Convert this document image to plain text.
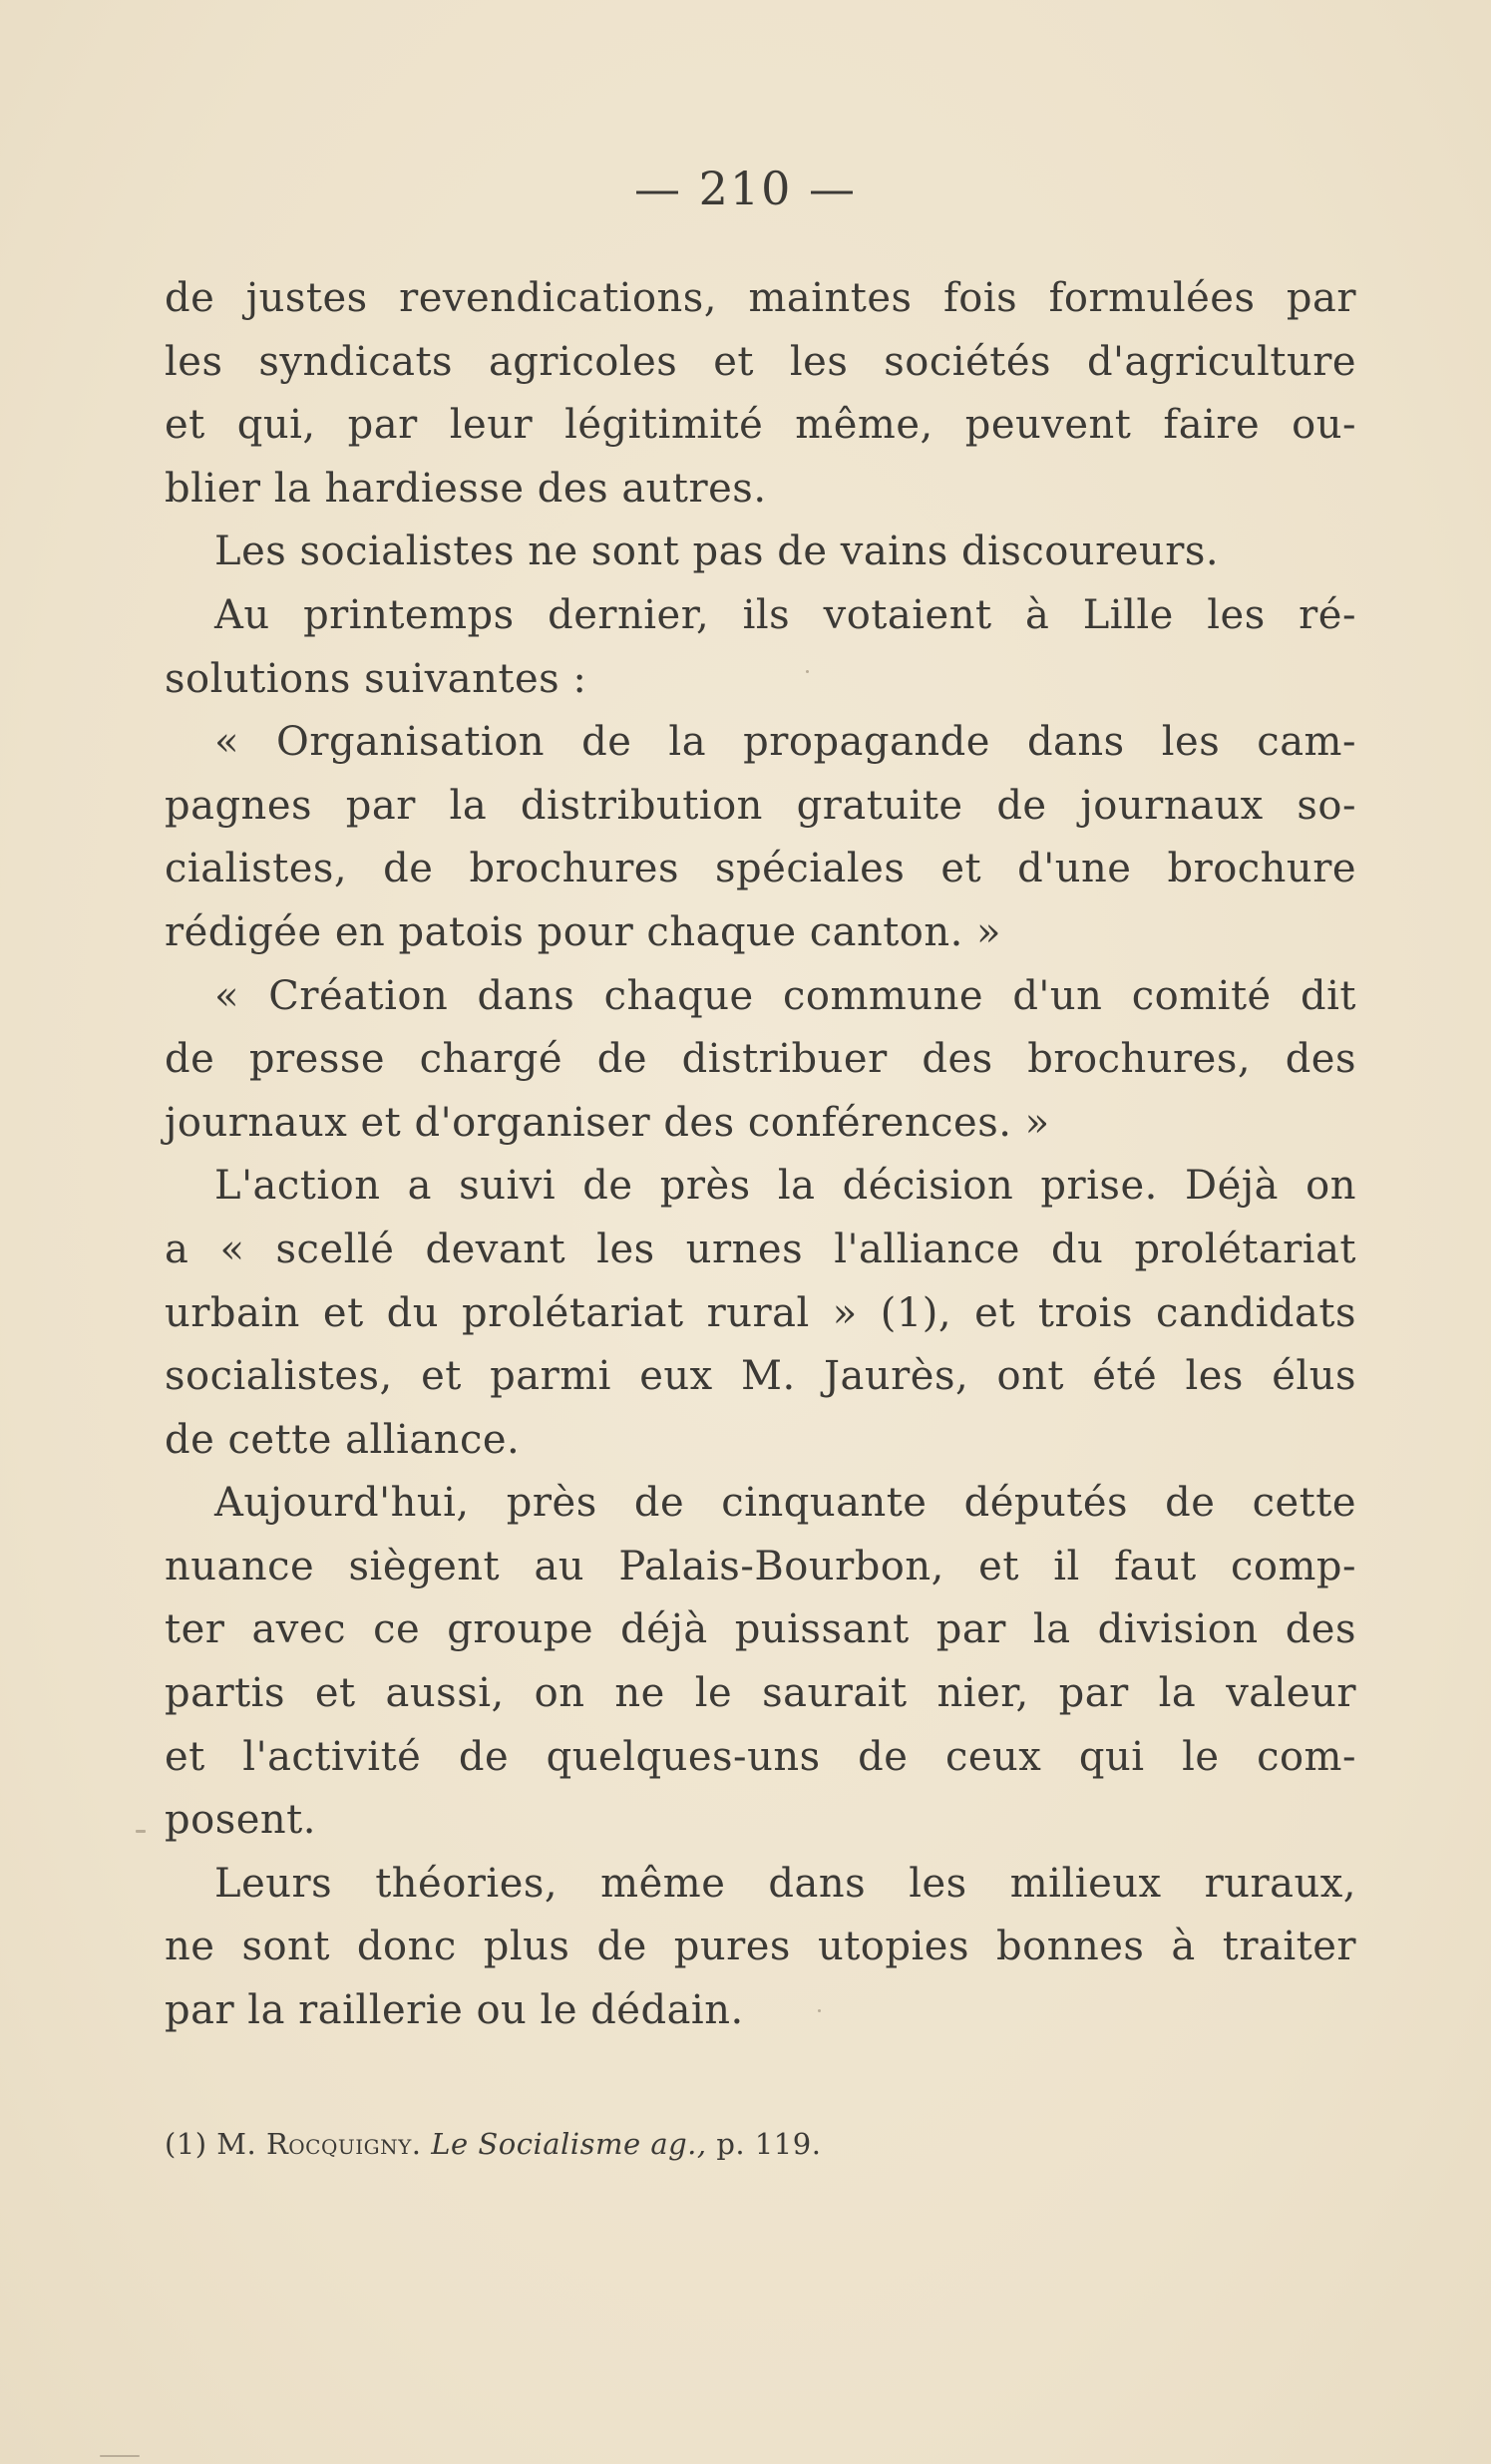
— 210 —
de justes revendications, maintes fois formulées par
les syndicats agricoles et les sociétés d'agriculture
et qui, par leur légitimité même, peuvent faire ou-
blier la hardiesse des autres.
Les socialistes ne sont pas de vains discoureurs.
Au printemps dernier, ils votaient à Lille les ré-
solutions suivantes :
« Organisation de la propagande dans les cam-
pagnes par la distribution gratuite de journaux so-
cialistes, de brochures spéciales et d'une brochure
rédigée en patois pour chaque canton. »
« Création dans chaque commune d'un comité dit
de presse chargé de distribuer des brochures, des
journaux et d'organiser des conférences. »
L'action a suivi de près la décision prise. Déjà on
a « scellé devant les urnes l'alliance du prolétariat
urbain et du prolétariat rural » (1), et trois candidats
socialistes, et parmi eux M. Jaurès, ont été les élus
de cette alliance.
Aujourd'hui, près de cinquante députés de cette
nuance siègent au Palais-Bourbon, et il faut comp-
ter avec ce groupe déjà puissant par la division des
partis et aussi, on ne le saurait nier, par la valeur
et l'activité de quelques-uns de ceux qui le com-
posent.
Leurs théories, même dans les milieux ruraux,
ne sont donc plus de pures utopies bonnes à traiter
par la raillerie ou le dédain.
(1) M. Rocquigny. Le Socialisme ag., p. 119.
